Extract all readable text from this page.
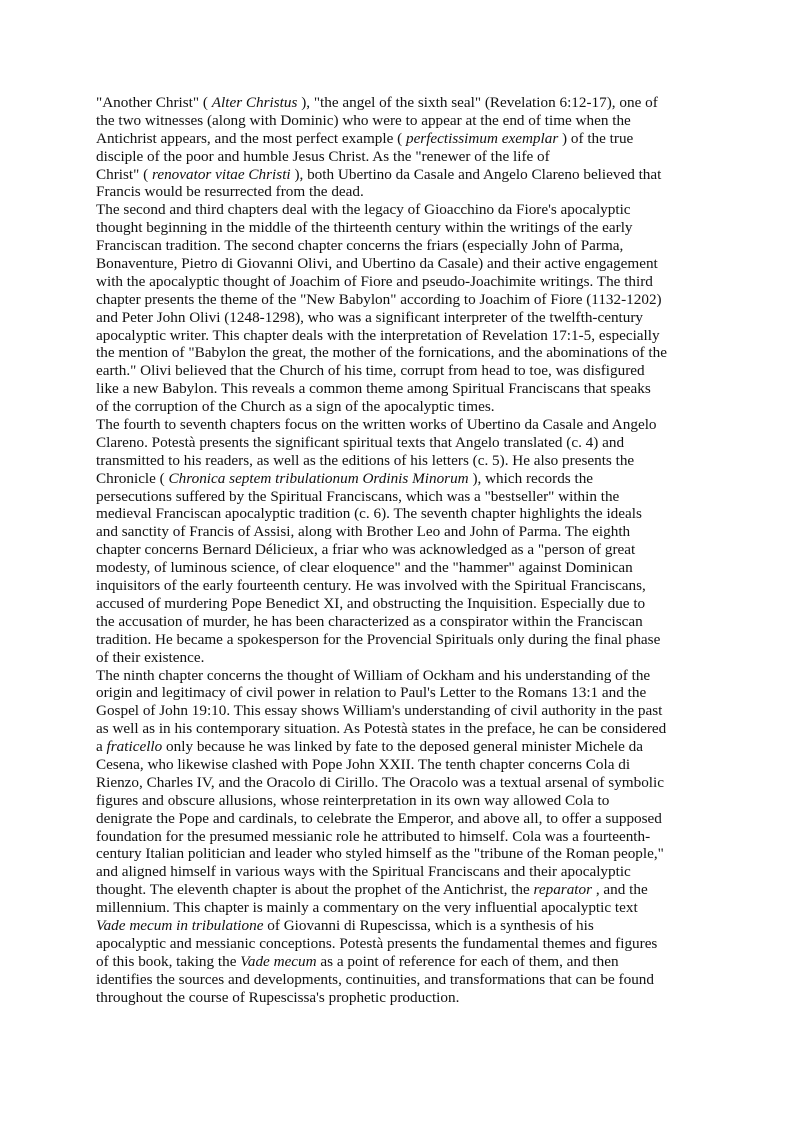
"Another Christ" ( Alter Christus ), "the angel of the sixth seal" (Revelation 6:12-17), one of
the two witnesses (along with Dominic) who were to appear at the end of time when the
Antichrist appears, and the most perfect example ( perfectissimum exemplar ) of the true
disciple of the poor and humble Jesus Christ. As the "renewer of the life of
Christ" ( renovator vitae Christi ), both Ubertino da Casale and Angelo Clareno believed that
Francis would be resurrected from the dead.
The second and third chapters deal with the legacy of Gioacchino da Fiore's apocalyptic
thought beginning in the middle of the thirteenth century within the writings of the early
Franciscan tradition. The second chapter concerns the friars (especially John of Parma,
Bonaventure, Pietro di Giovanni Olivi, and Ubertino da Casale) and their active engagement
with the apocalyptic thought of Joachim of Fiore and pseudo-Joachimite writings. The third
chapter presents the theme of the "New Babylon" according to Joachim of Fiore (1132-1202)
and Peter John Olivi (1248-1298), who was a significant interpreter of the twelfth-century
apocalyptic writer. This chapter deals with the interpretation of Revelation 17:1-5, especially
the mention of "Babylon the great, the mother of the fornications, and the abominations of the
earth." Olivi believed that the Church of his time, corrupt from head to toe, was disfigured
like a new Babylon. This reveals a common theme among Spiritual Franciscans that speaks
of the corruption of the Church as a sign of the apocalyptic times.
The fourth to seventh chapters focus on the written works of Ubertino da Casale and Angelo
Clareno. Potestà presents the significant spiritual texts that Angelo translated (c. 4) and
transmitted to his readers, as well as the editions of his letters (c. 5). He also presents the
Chronicle ( Chronica septem tribulationum Ordinis Minorum ), which records the
persecutions suffered by the Spiritual Franciscans, which was a "bestseller" within the
medieval Franciscan apocalyptic tradition (c. 6). The seventh chapter highlights the ideals
and sanctity of Francis of Assisi, along with Brother Leo and John of Parma. The eighth
chapter concerns Bernard Délicieux, a friar who was acknowledged as a "person of great
modesty, of luminous science, of clear eloquence" and the "hammer" against Dominican
inquisitors of the early fourteenth century. He was involved with the Spiritual Franciscans,
accused of murdering Pope Benedict XI, and obstructing the Inquisition. Especially due to
the accusation of murder, he has been characterized as a conspirator within the Franciscan
tradition. He became a spokesperson for the Provencial Spirituals only during the final phase
of their existence.
The ninth chapter concerns the thought of William of Ockham and his understanding of the
origin and legitimacy of civil power in relation to Paul's Letter to the Romans 13:1 and the
Gospel of John 19:10. This essay shows William's understanding of civil authority in the past
as well as in his contemporary situation. As Potestà states in the preface, he can be considered
a fraticello only because he was linked by fate to the deposed general minister Michele da
Cesena, who likewise clashed with Pope John XXII. The tenth chapter concerns Cola di
Rienzo, Charles IV, and the Oracolo di Cirillo. The Oracolo was a textual arsenal of symbolic
figures and obscure allusions, whose reinterpretation in its own way allowed Cola to
denigrate the Pope and cardinals, to celebrate the Emperor, and above all, to offer a supposed
foundation for the presumed messianic role he attributed to himself. Cola was a fourteenth-
century Italian politician and leader who styled himself as the "tribune of the Roman people,"
and aligned himself in various ways with the Spiritual Franciscans and their apocalyptic
thought. The eleventh chapter is about the prophet of the Antichrist, the reparator , and the
millennium. This chapter is mainly a commentary on the very influential apocalyptic text
Vade mecum in tribulatione of Giovanni di Rupescissa, which is a synthesis of his
apocalyptic and messianic conceptions. Potestà presents the fundamental themes and figures
of this book, taking the Vade mecum as a point of reference for each of them, and then
identifies the sources and developments, continuities, and transformations that can be found
throughout the course of Rupescissa's prophetic production.
